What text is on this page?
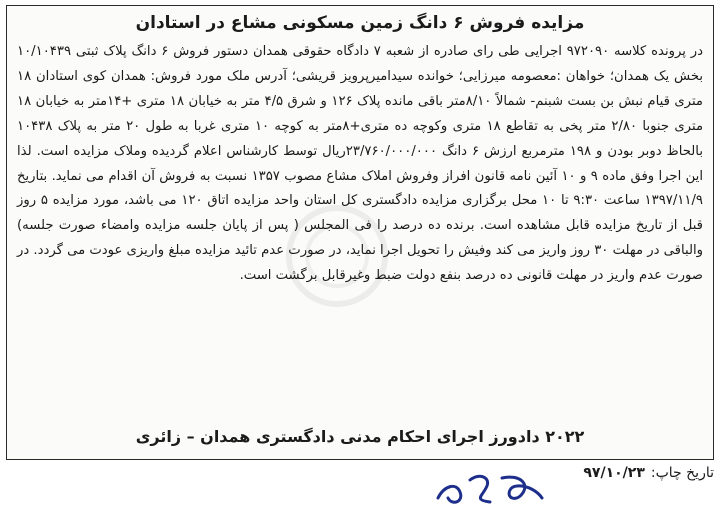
مزایده فروش ۶ دانگ زمین مسکونی مشاع در استادان

در پرونده کلاسه ۹۷۲۰۹۰ اجرایی طی رای صادره از شعبه ۷ دادگاه حقوقی همدان دستور فروش ۶ دانگ پلاک ثبتی ۱۰/۱۰۴۳۹ بخش یک همدان؛ خواهان :معصومه میرزایی؛ خوانده سیدامیرپرویز قریشی؛ آدرس ملک مورد فروش: همدان کوی استادان ۱۸ متری قیام نبش بن بست شبنم- شمالاً ۸/۱۰متر باقی مانده پلاک ۱۲۶ و شرق ۴/۵ متر به خیابان ۱۸ متری +۱۴متر به خیابان ۱۸ متری جنوبا ۲/۸۰ متر پخی به تقاطع ۱۸ متری وکوچه ده متری+۸متر به کوچه ۱۰ متری غربا به طول ۲۰ متر به پلاک ۱۰۴۳۸ بالحاظ دوبر بودن و ۱۹۸ مترمربع ارزش ۶ دانگ ۲۳/۷۶۰/۰۰۰/۰۰۰ریال توسط کارشناس اعلام گردیده وملاک مزایده است. لذا این اجرا وفق ماده ۹ و ۱۰ آئین نامه قانون افراز وفروش املاک مشاع مصوب ۱۳۵۷ نسبت به فروش آن اقدام می نماید. بتاریخ ۱۳۹۷/۱۱/۹ ساعت ۹:۳۰ تا ۱۰ محل برگزاری مزایده دادگستری کل استان واحد مزایده اتاق ۱۲۰ می باشد، مورد مزایده ۵ روز قبل از تاریخ مزایده قابل مشاهده است. برنده ده درصد را فی المجلس ( پس از پایان جلسه مزایده وامضاء صورت جلسه) والباقی در مهلت ۳۰ روز واریز می کند وفیش را تحویل اجرا نماید، در صورت عدم تائید مزایده مبلغ واریزی عودت می گردد. در صورت عدم واریز در مهلت قانونی ده درصد بنفع دولت ضبط وغیرقابل برگشت است.

۲۰۲۲ دادورز اجرای احکام مدنی دادگستری همدان – زائری
تاریخ چاپ:۹۷/۱۰/۲۳
